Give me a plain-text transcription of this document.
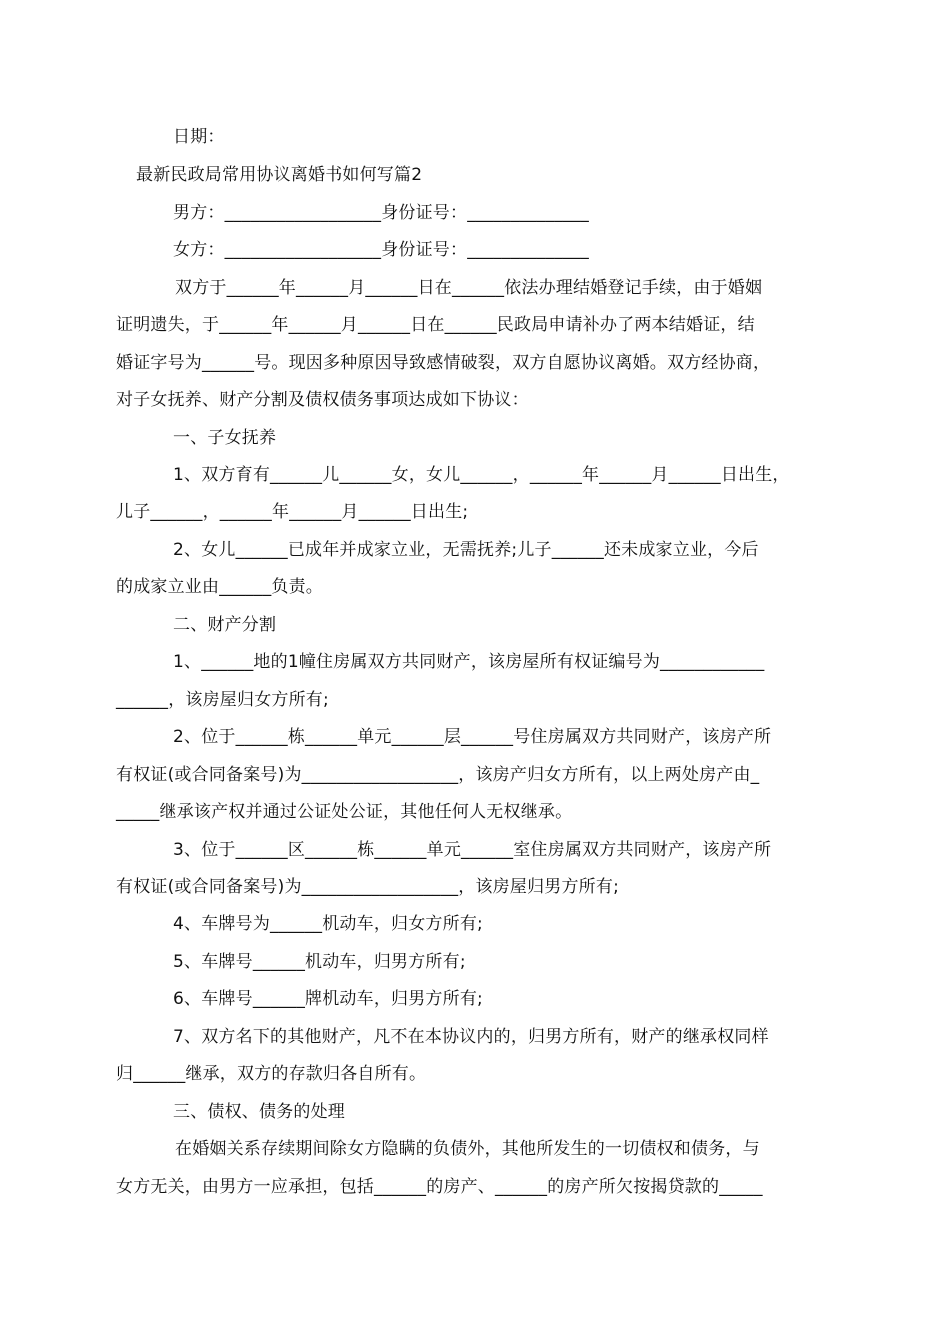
日期：
最新民政局常用协议离婚书如何写篇2
男方：__________________身份证号：______________
女方：__________________身份证号：______________
双方于______年______月______日在______依法办理结婚登记手续，由于婚姻
证明遗失，于______年______月______日在______民政局申请补办了两本结婚证，结
婚证字号为______号。现因多种原因导致感情破裂，双方自愿协议离婚。双方经协商，
对子女抚养、财产分割及债权债务事项达成如下协议：
一、子女抚养
1、双方育有______儿______女，女儿______，______年______月______日出生，
儿子______，______年______月______日出生;
2、女儿______已成年并成家立业，无需抚养;儿子______还未成家立业，今后
的成家立业由______负责。
二、财产分割
1、______地的1幢住房属双方共同财产，该房屋所有权证编号为____________
______，该房屋归女方所有;
2、位于______栋______单元______层______号住房属双方共同财产，该房产所
有权证(或合同备案号)为__________________，该房产归女方所有，以上两处房产由_
_____继承该产权并通过公证处公证，其他任何人无权继承。
3、位于______区______栋______单元______室住房属双方共同财产，该房产所
有权证(或合同备案号)为__________________，该房屋归男方所有;
4、车牌号为______机动车，归女方所有;
5、车牌号______机动车，归男方所有;
6、车牌号______牌机动车，归男方所有;
7、双方名下的其他财产，凡不在本协议内的，归男方所有，财产的继承权同样
归______继承，双方的存款归各自所有。
三、债权、债务的处理
在婚姻关系存续期间除女方隐瞒的负债外，其他所发生的一切债权和债务，与
女方无关，由男方一应承担，包括______的房产、______的房产所欠按揭贷款的_____
